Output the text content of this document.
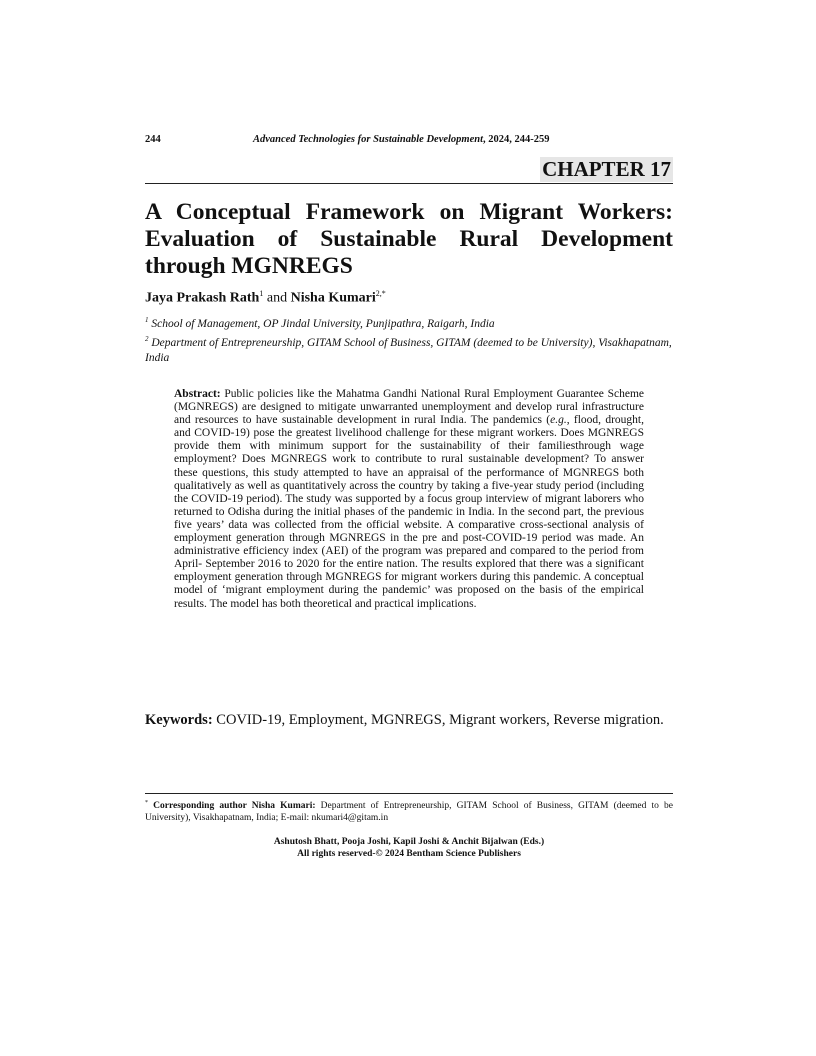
244	Advanced Technologies for Sustainable Development, 2024, 244-259
CHAPTER 17
A Conceptual Framework on Migrant Workers: Evaluation of Sustainable Rural Development through MGNREGS
Jaya Prakash Rath$^1$ and Nisha Kumari$^{2,*}$
$^1$ School of Management, OP Jindal University, Punjipathra, Raigarh, India
$^2$ Department of Entrepreneurship, GITAM School of Business, GITAM (deemed to be University), Visakhapatnam, India

Abstract: Public policies like the Mahatma Gandhi National Rural Employment Guarantee Scheme (MGNREGS) are designed to mitigate unwarranted unemployment and develop rural infrastructure and resources to have sustainable development in rural India. The pandemics (e.g., flood, drought, and COVID-19) pose the greatest livelihood challenge for these migrant workers. Does MGNREGS provide them with minimum support for the sustainability of their familiesthrough wage employment? Does MGNREGS work to contribute to rural sustainable development? To answer these questions, this study attempted to have an appraisal of the performance of MGNREGS both qualitatively as well as quantitatively across the country by taking a five-year study period (including the COVID-19 period). The study was supported by a focus group interview of migrant laborers who returned to Odisha during the initial phases of the pandemic in India. In the second part, the previous five years’ data was collected from the official website. A comparative cross-sectional analysis of employment generation through MGNREGS in the pre and post-COVID-19 period was made. An administrative efficiency index (AEI) of the program was prepared and compared to the period from April- September 2016 to 2020 for the entire nation. The results explored that there was a significant employment generation through MGNREGS for migrant workers during this pandemic. A conceptual model of ‘migrant employment during the pandemic’ was proposed on the basis of the empirical results. The model has both theoretical and practical implications.

Keywords: COVID-19, Employment, MGNREGS, Migrant workers, Reverse migration.

* Corresponding author Nisha Kumari: Department of Entrepreneurship, GITAM School of Business, GITAM (deemed to be University), Visakhapatnam, India; E-mail: nkumari4@gitam.in

Ashutosh Bhatt, Pooja Joshi, Kapil Joshi & Anchit Bijalwan (Eds.)
All rights reserved-© 2024 Bentham Science Publishers
